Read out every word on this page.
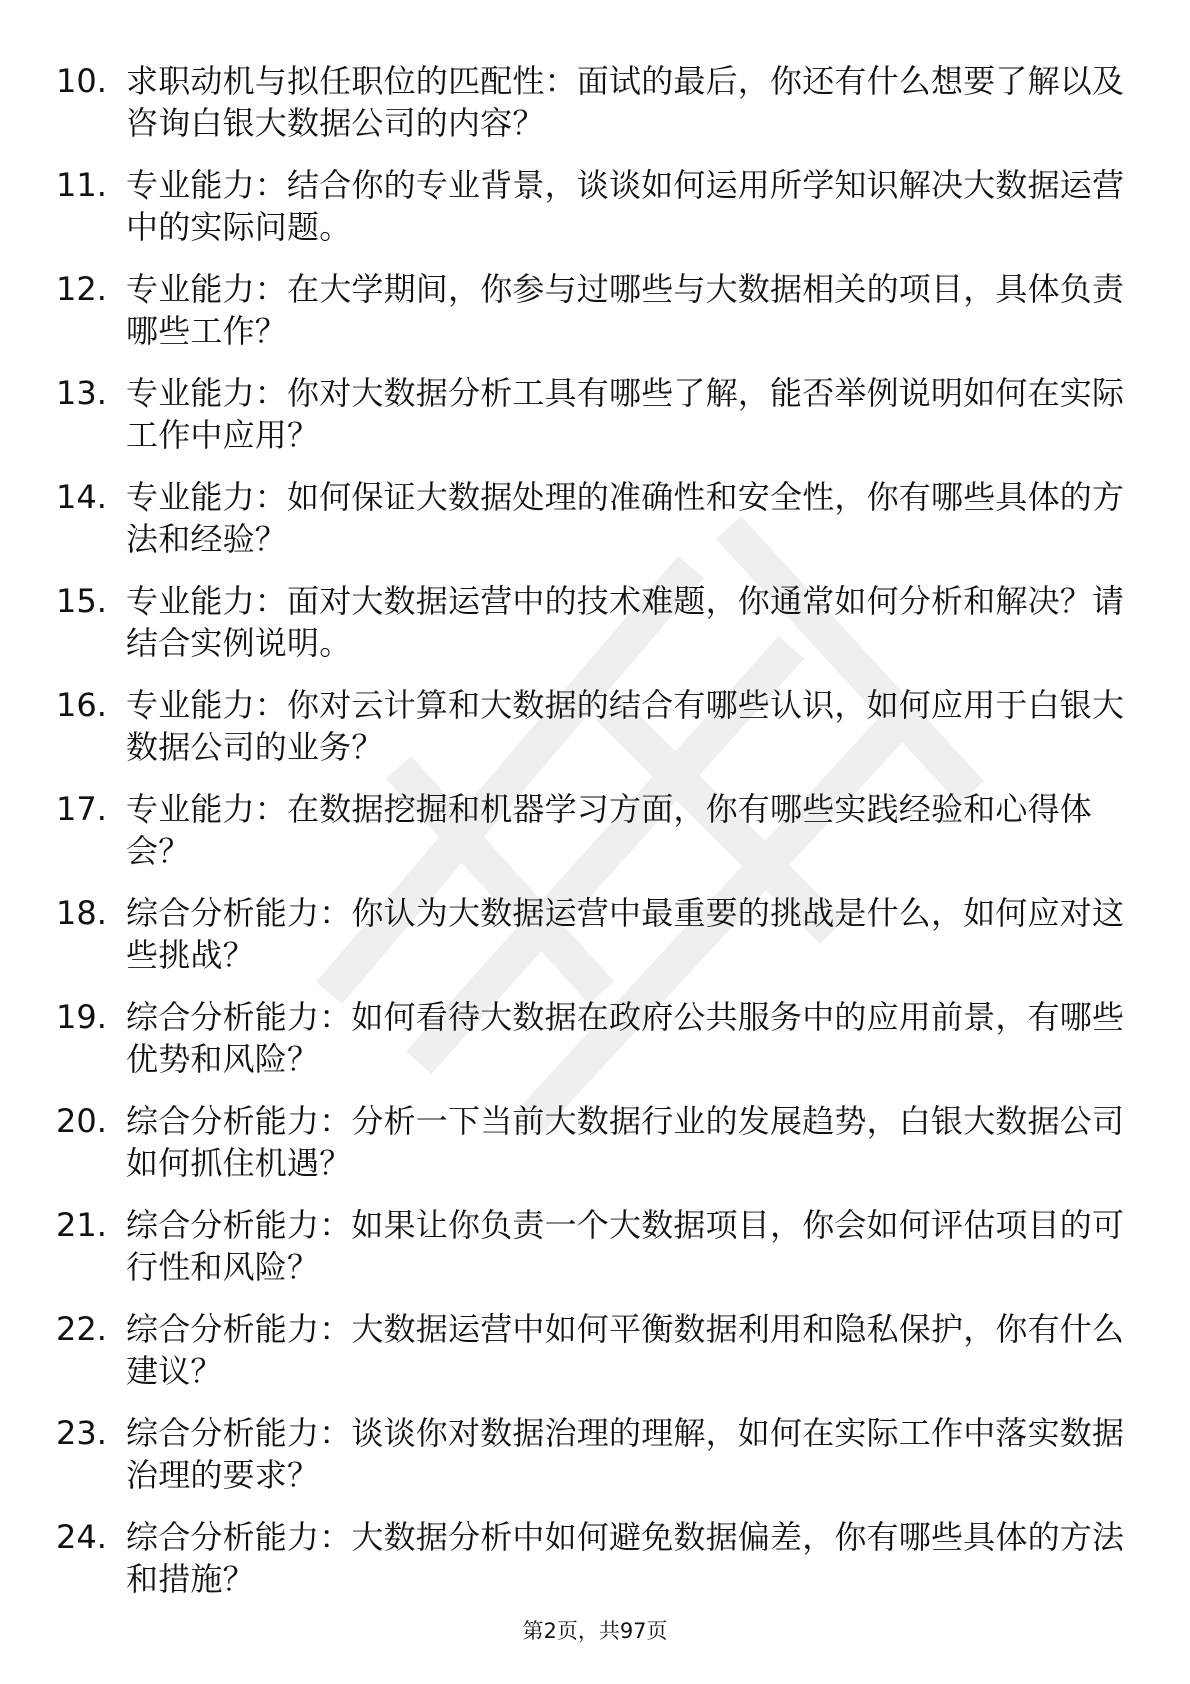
10. 求职动机与拟任职位的匹配性：面试的最后，你还有什么想要了解以及咨询白银大数据公司的内容？
11. 专业能力：结合你的专业背景，谈谈如何运用所学知识解决大数据运营中的实际问题。
12. 专业能力：在大学期间，你参与过哪些与大数据相关的项目，具体负责哪些工作？
13. 专业能力：你对大数据分析工具有哪些了解，能否举例说明如何在实际工作中应用？
14. 专业能力：如何保证大数据处理的准确性和安全性，你有哪些具体的方法和经验？
15. 专业能力：面对大数据运营中的技术难题，你通常如何分析和解决？请结合实例说明。
16. 专业能力：你对云计算和大数据的结合有哪些认识，如何应用于白银大数据公司的业务？
17. 专业能力：在数据挖掘和机器学习方面，你有哪些实践经验和心得体会？
18. 综合分析能力：你认为大数据运营中最重要的挑战是什么，如何应对这些挑战？
19. 综合分析能力：如何看待大数据在政府公共服务中的应用前景，有哪些优势和风险？
20. 综合分析能力：分析一下当前大数据行业的发展趋势，白银大数据公司如何抓住机遇？
21. 综合分析能力：如果让你负责一个大数据项目，你会如何评估项目的可行性和风险？
22. 综合分析能力：大数据运营中如何平衡数据利用和隐私保护，你有什么建议？
23. 综合分析能力：谈谈你对数据治理的理解，如何在实际工作中落实数据治理的要求？
24. 综合分析能力：大数据分析中如何避免数据偏差，你有哪些具体的方法和措施？
第2页，共97页
